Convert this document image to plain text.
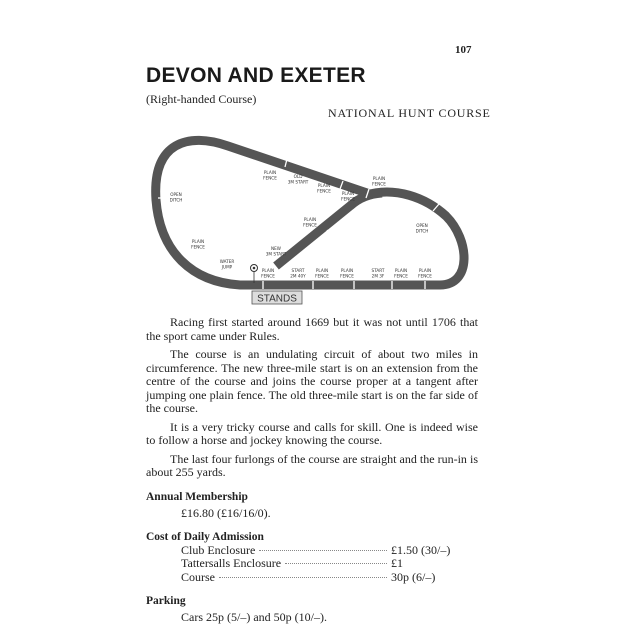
107
DEVON AND EXETER
(Right-handed Course)
NATIONAL HUNT COURSE
PLAIN
FENCE	OLD
3M START
PLAIN
FENCE	PLAIN
FENCE
PLAIN
FENCE
OPEN
DITCH
PLAIN
FENCE	OPEN
DITCH
NEW
3M START
PLAIN
FENCE
WATER
JUMP
PLAIN
FENCE
START
2M 40Y
PLAIN
FENCE
PLAIN
FENCE
START
2M 3F
PLAIN
FENCE
PLAIN
FENCE
STANDS

Racing first started around 1669 but it was not until 1706 that the sport came under Rules.

The course is an undulating circuit of about two miles in circumference. The new three-mile start is on an extension from the centre of the course and joins the course proper at a tangent after jumping one plain fence. The old three-mile start is on the far side of the course.

It is a very tricky course and calls for skill. One is indeed wise to follow a horse and jockey knowing the course.

The last four furlongs of the course are straight and the run-in is about 255 yards.

Annual Membership
£16.80 (£16/16/0).
Cost of Daily Admission
Club Enclosure	£1.50 (30/–)
Tattersalls Enclosure	£1
Course	30p (6/–)
Parking
Cars 25p (5/–) and 50p (10/–).
